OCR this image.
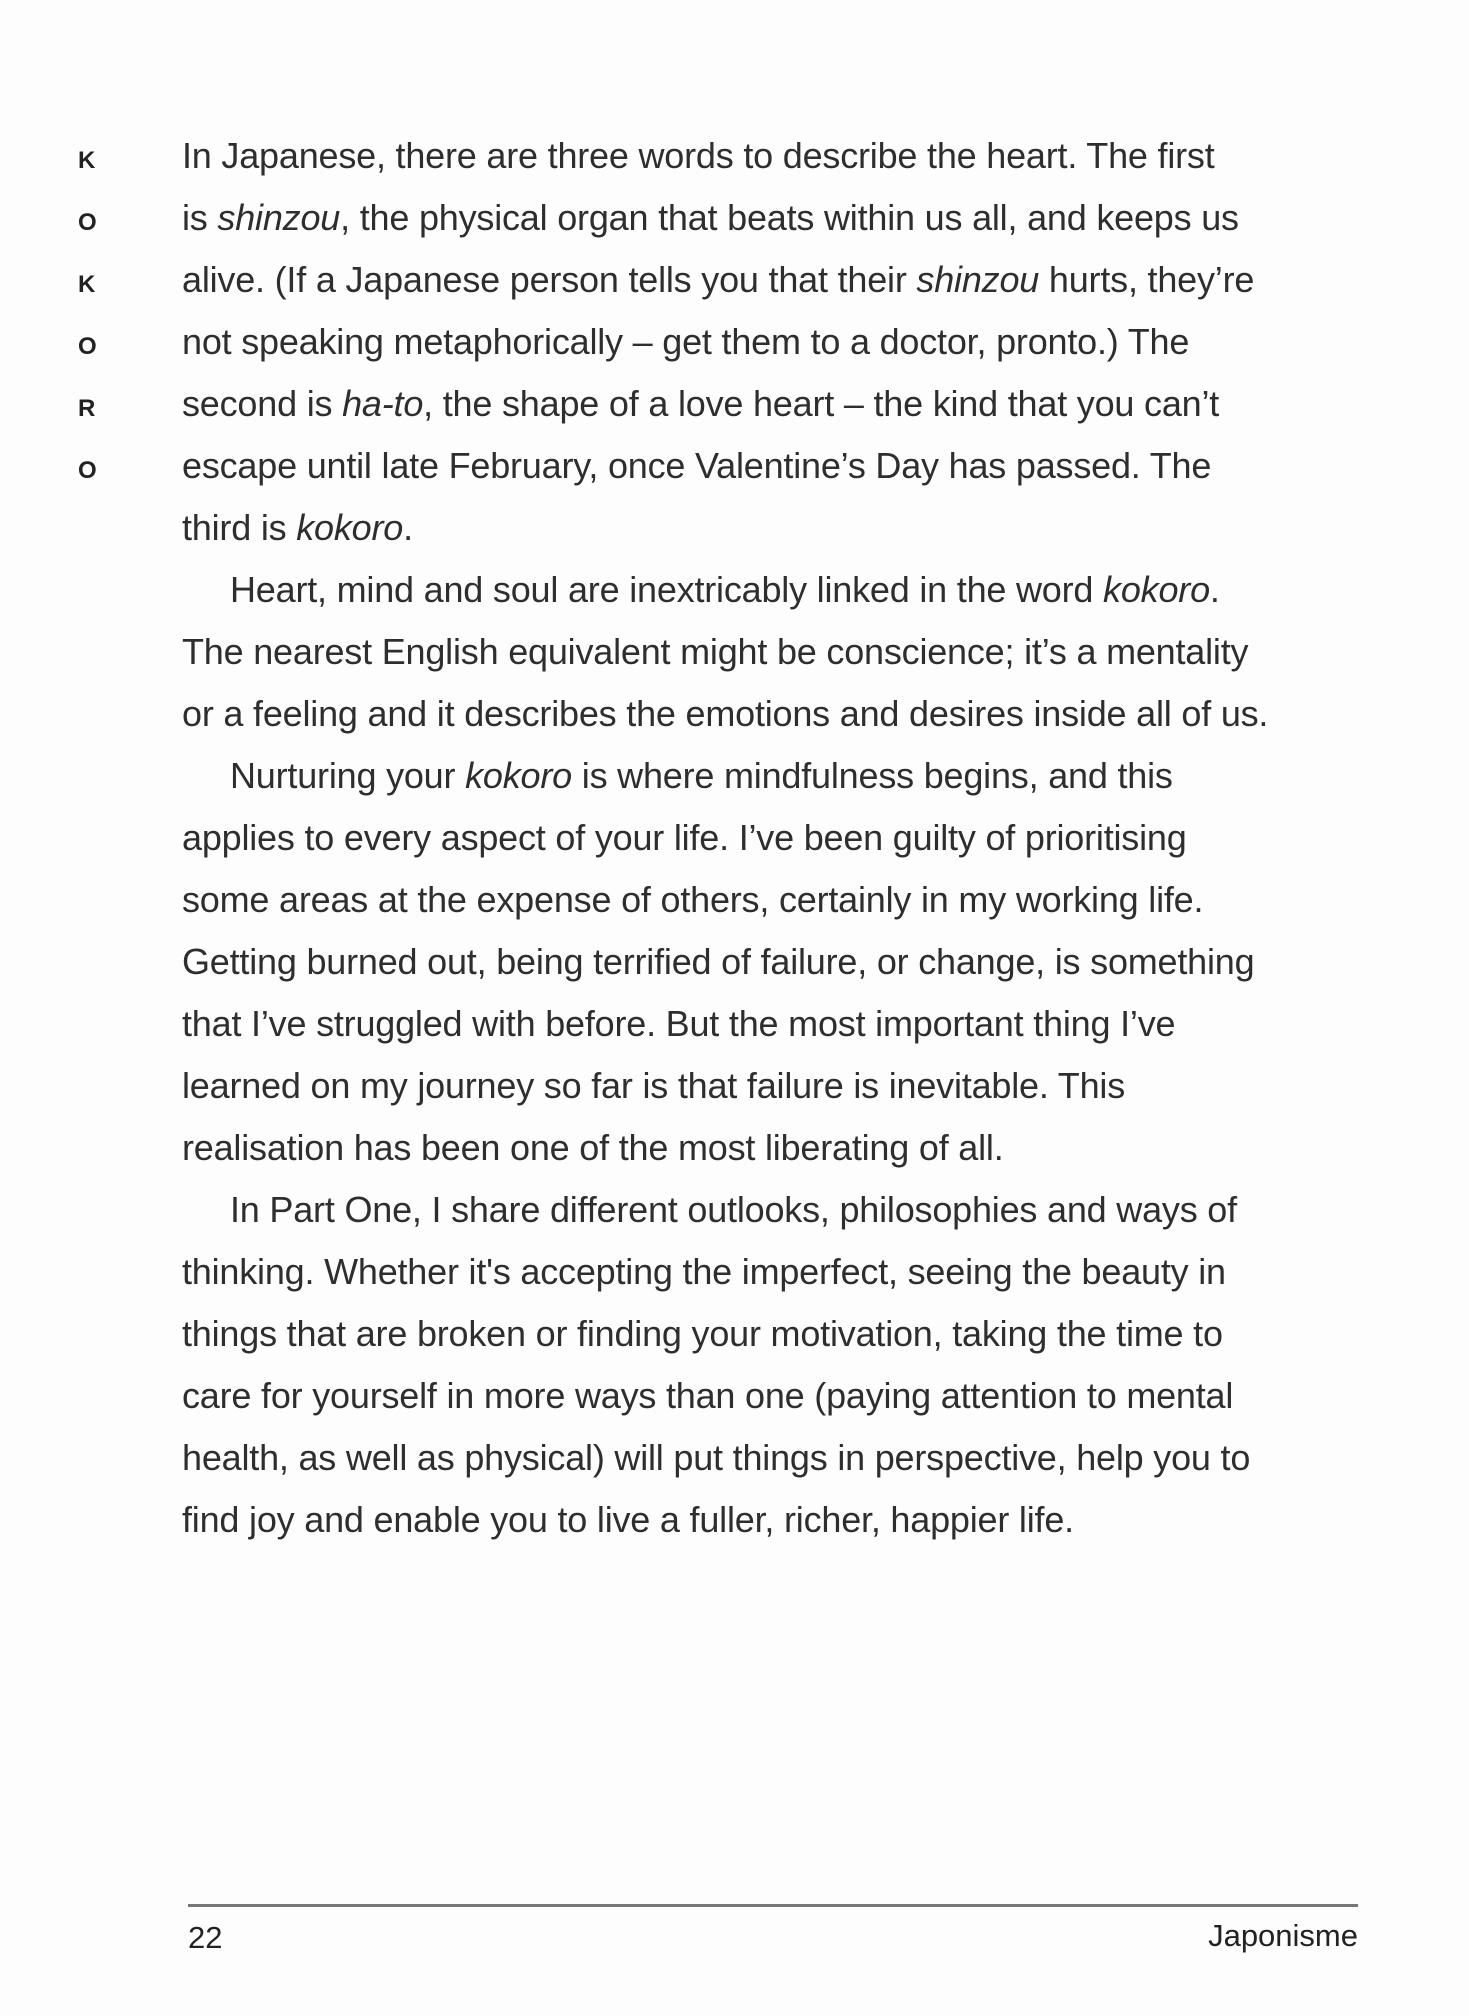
K
O
K
O
R
O
In Japanese, there are three words to describe the heart. The first
is shinzou, the physical organ that beats within us all, and keeps us
alive. (If a Japanese person tells you that their shinzou hurts, they’re
not speaking metaphorically – get them to a doctor, pronto.) The
second is ha-to, the shape of a love heart – the kind that you can’t
escape until late February, once Valentine’s Day has passed. The
third is kokoro.
Heart, mind and soul are inextricably linked in the word kokoro.
The nearest English equivalent might be conscience; it’s a mentality
or a feeling and it describes the emotions and desires inside all of us.
Nurturing your kokoro is where mindfulness begins, and this
applies to every aspect of your life. I’ve been guilty of prioritising
some areas at the expense of others, certainly in my working life.
Getting burned out, being terrified of failure, or change, is something
that I’ve struggled with before. But the most important thing I’ve
learned on my journey so far is that failure is inevitable. This
realisation has been one of the most liberating of all.
In Part One, I share different outlooks, philosophies and ways of
thinking. Whether it's accepting the imperfect, seeing the beauty in
things that are broken or finding your motivation, taking the time to
care for yourself in more ways than one (paying attention to mental
health, as well as physical) will put things in perspective, help you to
find joy and enable you to live a fuller, richer, happier life.
22	Japonisme
